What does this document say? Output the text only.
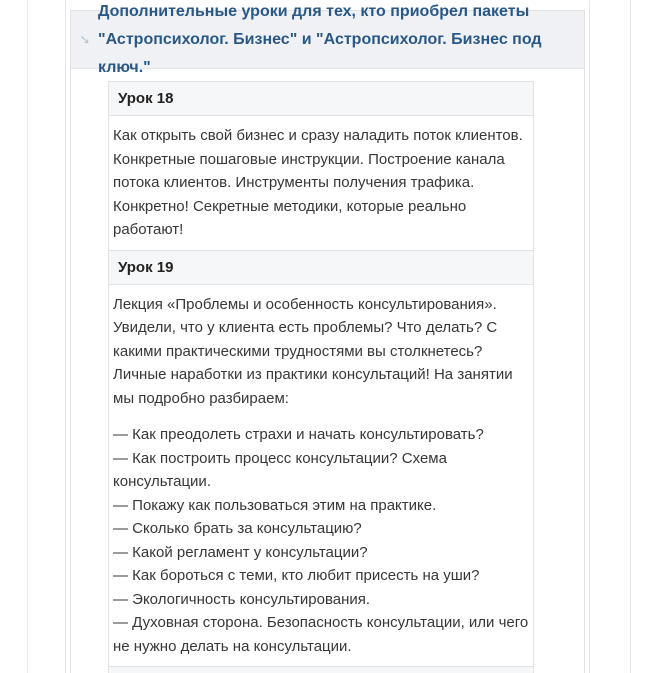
➘
Дополнительные уроки для тех, кто приобрел пакеты
"Астропсихолог. Бизнес" и "Астропсихолог. Бизнес под ключ."
Урок 18
Как открыть свой бизнес и сразу наладить поток клиентов. Конкретные пошаговые инструкции. Построение канала потока клиентов. Инструменты получения трафика. Конкретно! Секретные методики, которые реально работают!
Урок 19
Лекция «Проблемы и особенность консультирования». Увидели, что у клиента есть проблемы? Что делать? С какими практическими трудностями вы столкнетесь? Личные наработки из практики консультаций! На занятии мы подробно разбираем:
— Как преодолеть страхи и начать консультировать?
— Как построить процесс консультации? Схема консультации.
— Покажу как пользоваться этим на практике.
— Сколько брать за консультацию?
— Какой регламент у консультации?
— Как бороться с теми, кто любит присесть на уши?
— Экологичность консультирования.
— Духовная сторона. Безопасность консультации, или чего не нужно делать на консультации.
